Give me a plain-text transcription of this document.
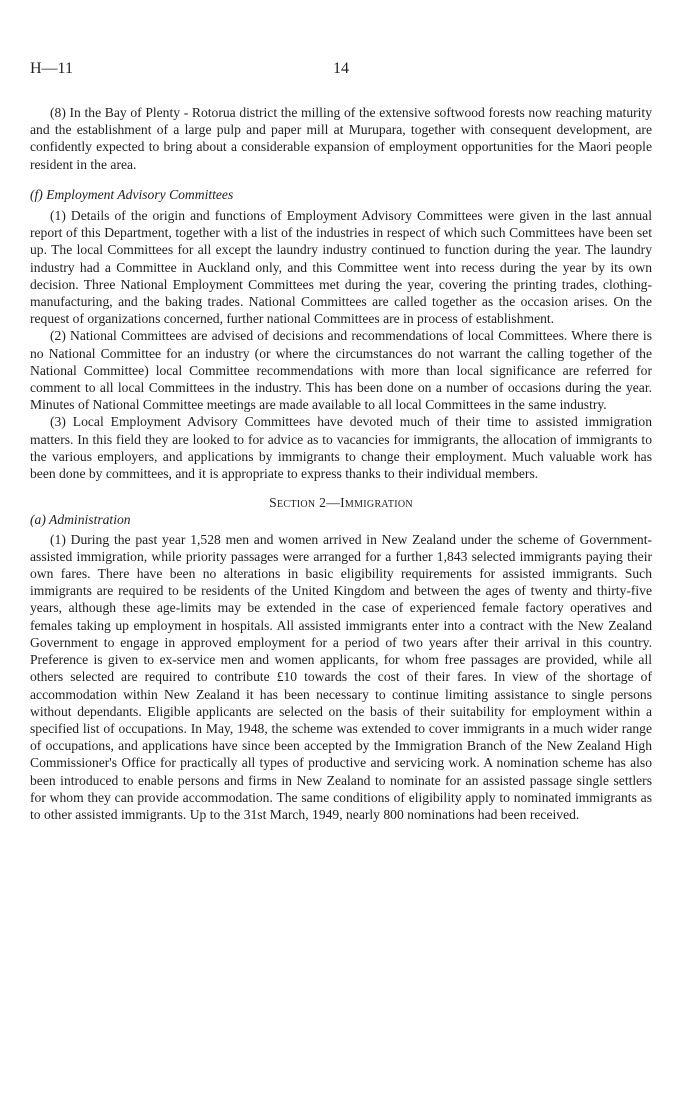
H—11	14

(8) In the Bay of Plenty - Rotorua district the milling of the extensive softwood forests now reaching maturity and the establishment of a large pulp and paper mill at Murupara, together with consequent development, are confidently expected to bring about a considerable expansion of employment opportunities for the Maori people resident in the area.

(f) Employment Advisory Committees

(1) Details of the origin and functions of Employment Advisory Committees were given in the last annual report of this Department, together with a list of the industries in respect of which such Committees have been set up. The local Committees for all except the laundry industry continued to function during the year. The laundry industry had a Committee in Auckland only, and this Committee went into recess during the year by its own decision. Three National Employment Committees met during the year, covering the printing trades, clothing-manufacturing, and the baking trades. National Committees are called together as the occasion arises. On the request of organizations concerned, further national Committees are in process of establishment.

(2) National Committees are advised of decisions and recommendations of local Committees. Where there is no National Committee for an industry (or where the circumstances do not warrant the calling together of the National Committee) local Committee recommendations with more than local significance are referred for comment to all local Committees in the industry. This has been done on a number of occasions during the year. Minutes of National Committee meetings are made available to all local Committees in the same industry.

(3) Local Employment Advisory Committees have devoted much of their time to assisted immigration matters. In this field they are looked to for advice as to vacancies for immigrants, the allocation of immigrants to the various employers, and applications by immigrants to change their employment. Much valuable work has been done by committees, and it is appropriate to express thanks to their individual members.

Section 2—Immigration

(a) Administration

(1) During the past year 1,528 men and women arrived in New Zealand under the scheme of Government-assisted immigration, while priority passages were arranged for a further 1,843 selected immigrants paying their own fares. There have been no alterations in basic eligibility requirements for assisted immigrants. Such immigrants are required to be residents of the United Kingdom and between the ages of twenty and thirty-five years, although these age-limits may be extended in the case of experienced female factory operatives and females taking up employment in hospitals. All assisted immigrants enter into a contract with the New Zealand Government to engage in approved employment for a period of two years after their arrival in this country. Preference is given to ex-service men and women applicants, for whom free passages are provided, while all others selected are required to contribute £10 towards the cost of their fares. In view of the shortage of accommodation within New Zealand it has been necessary to continue limiting assistance to single persons without dependants. Eligible applicants are selected on the basis of their suitability for employment within a specified list of occupations. In May, 1948, the scheme was extended to cover immigrants in a much wider range of occupations, and applications have since been accepted by the Immigration Branch of the New Zealand High Commissioner's Office for practically all types of productive and servicing work. A nomination scheme has also been introduced to enable persons and firms in New Zealand to nominate for an assisted passage single settlers for whom they can provide accommodation. The same conditions of eligibility apply to nominated immigrants as to other assisted immigrants. Up to the 31st March, 1949, nearly 800 nominations had been received.
